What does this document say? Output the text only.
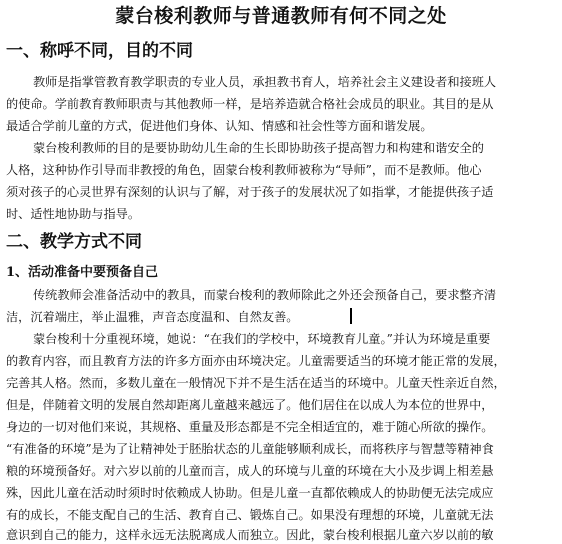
蒙台梭利教师与普通教师有何不同之处
一、称呼不同，目的不同
教师是指掌管教育教学职责的专业人员，承担教书育人，培养社会主义建设者和接班人
的使命。学前教育教师职责与其他教师一样，是培养造就合格社会成员的职业。其目的是从
最适合学前儿童的方式，促进他们身体、认知、情感和社会性等方面和谐发展。
蒙台梭利教师的目的是要协助幼儿生命的生长即协助孩子提高智力和构建和谐安全的
人格，这种协作引导而非教授的角色，固蒙台梭利教师被称为“导师”，而不是教师。他心
须对孩子的心灵世界有深刻的认识与了解，对于孩子的发展状况了如指掌，才能提供孩子适
时、适性地协助与指导。
二、教学方式不同
1、活动准备中要预备自己
传统教师会准备活动中的教具，而蒙台梭利的教师除此之外还会预备自己，要求整齐清
洁，沉着端庄，举止温雅，声音态度温和、自然友善。
蒙台梭利十分重视环境，她说：“在我们的学校中，环境教育儿童。”并认为环境是重要
的教育内容，而且教育方法的许多方面亦由环境决定。儿童需要适当的环境才能正常的发展，
完善其人格。然而，多数儿童在一般情况下并不是生活在适当的环境中。儿童天性亲近自然，
但是，伴随着文明的发展自然却距离儿童越来越远了。他们居住在以成人为本位的世界中，
身边的一切对他们来说，其规格、重量及形态都是不完全相适宜的，难于随心所欲的操作。
“有准备的环境”是为了让精神处于胚胎状态的儿童能够顺利成长，而将秩序与智慧等精神食
粮的环境预备好。对六岁以前的儿童而言，成人的环境与儿童的环境在大小及步调上相差悬
殊，因此儿童在活动时须时时依赖成人协助。但是儿童一直都依赖成人的协助便无法完成应
有的成长，不能支配自己的生活、教育自己、锻炼自己。如果没有理想的环境，儿童就无法
意识到自己的能力，这样永远无法脱离成人而独立。因此，蒙台梭利根据儿童六岁以前的敏
